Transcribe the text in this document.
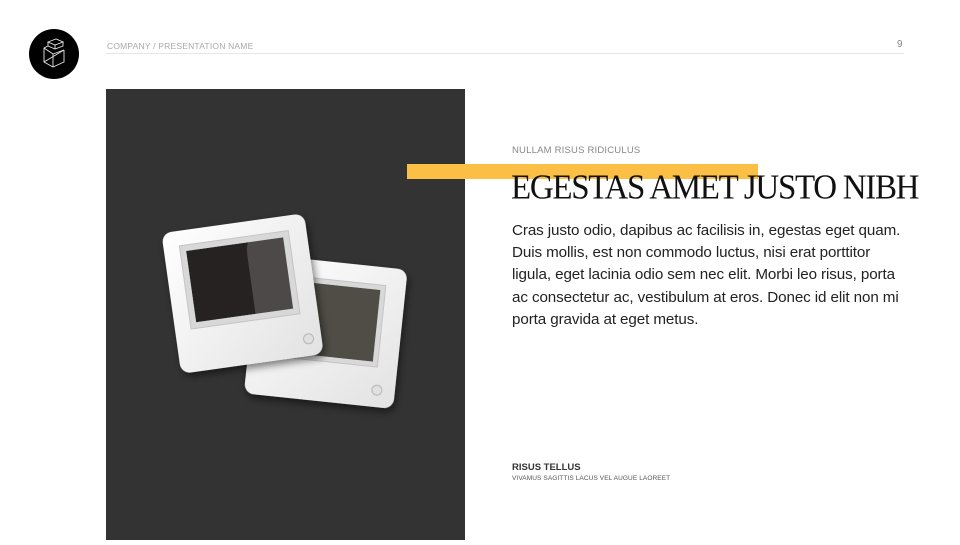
COMPANY / PRESENTATION NAME	9
NULLAM RISUS RIDICULUS
EGESTAS AMET JUSTO NIBH
Cras justo odio, dapibus ac facilisis in, egestas eget quam. Duis mollis, est non commodo luctus, nisi erat porttitor ligula, eget lacinia odio sem nec elit. Morbi leo risus, porta ac consectetur ac, vestibulum at eros. Donec id elit non mi porta gravida at eget metus.
RISUS TELLUS
VIVAMUS SAGITTIS LACUS VEL AUGUE LAOREET
